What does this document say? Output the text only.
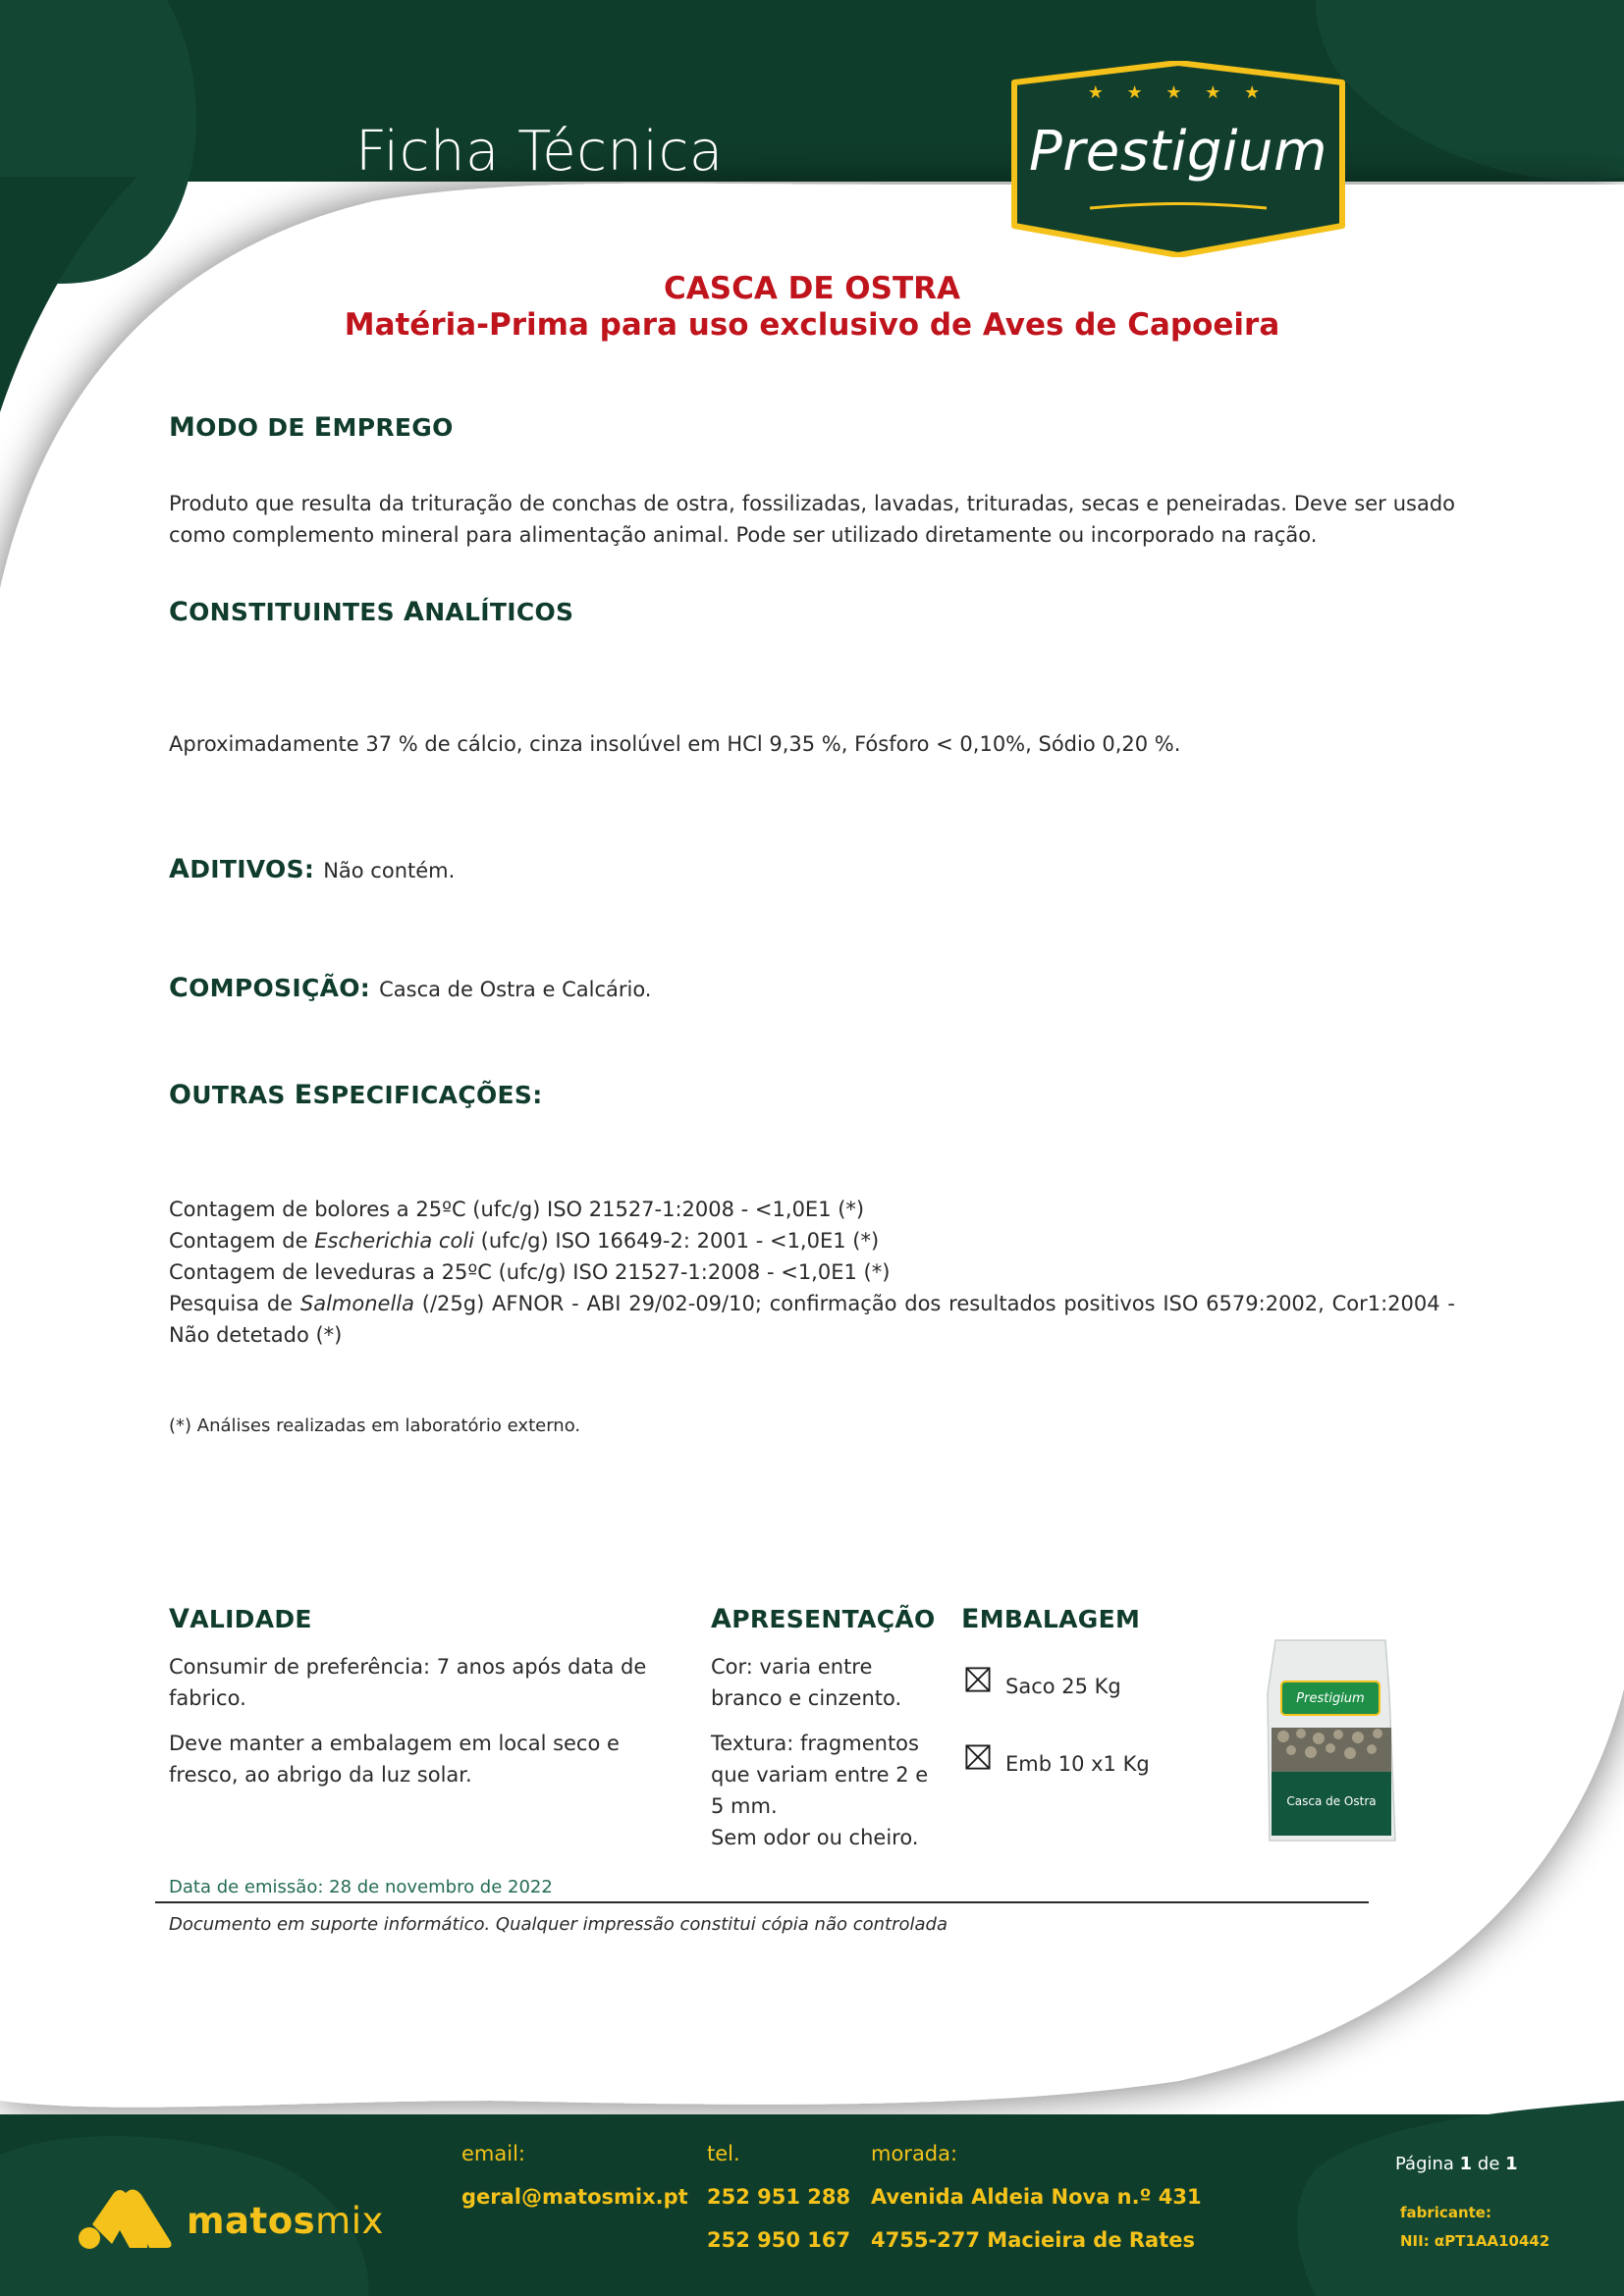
Ficha Técnica
★ ★ ★ ★ ★
Prestigium
CASCA DE OSTRA
Matéria-Prima para uso exclusivo de Aves de Capoeira
MODO DE EMPREGO
Produto que resulta da trituração de conchas de ostra, fossilizadas, lavadas, trituradas, secas e peneiradas. Deve ser usado como complemento mineral para alimentação animal. Pode ser utilizado diretamente ou incorporado na ração.
CONSTITUINTES ANALÍTICOS
Aproximadamente 37 % de cálcio, cinza insolúvel em HCl 9,35 %, Fósforo < 0,10%, Sódio 0,20 %.
ADITIVOS: Não contém.
COMPOSIÇÃO: Casca de Ostra e Calcário.
OUTRAS ESPECIFICAÇÕES:
Contagem de bolores a 25ºC (ufc/g) ISO 21527-1:2008 - <1,0E1 (*)
Contagem de Escherichia coli (ufc/g) ISO 16649-2: 2001 - <1,0E1 (*)
Contagem de leveduras a 25ºC (ufc/g) ISO 21527-1:2008 - <1,0E1 (*)
Pesquisa de Salmonella (/25g) AFNOR - ABI 29/02-09/10; confirmação dos resultados positivos ISO 6579:2002, Cor1:2004 - Não detetado (*)
(*) Análises realizadas em laboratório externo.
VALIDADE
Consumir de preferência: 7 anos após data de fabrico.
Deve manter a embalagem em local seco e fresco, ao abrigo da luz solar.
APRESENTAÇÃO
Cor: varia entre branco e cinzento.
Textura: fragmentos que variam entre 2 e 5 mm.
Sem odor ou cheiro.
EMBALAGEM
Saco 25 Kg
Emb 10 x1 Kg
Prestigium
Casca de Ostra
Data de emissão: 28 de novembro de 2022
Documento em suporte informático. Qualquer impressão constitui cópia não controlada
matosmix
email:
geral@matosmix.pt
tel.
252 951 288
252 950 167
morada:
Avenida Aldeia Nova n.º 431
4755-277 Macieira de Rates
Página 1 de 1
fabricante:
NII: αPT1AA10442
